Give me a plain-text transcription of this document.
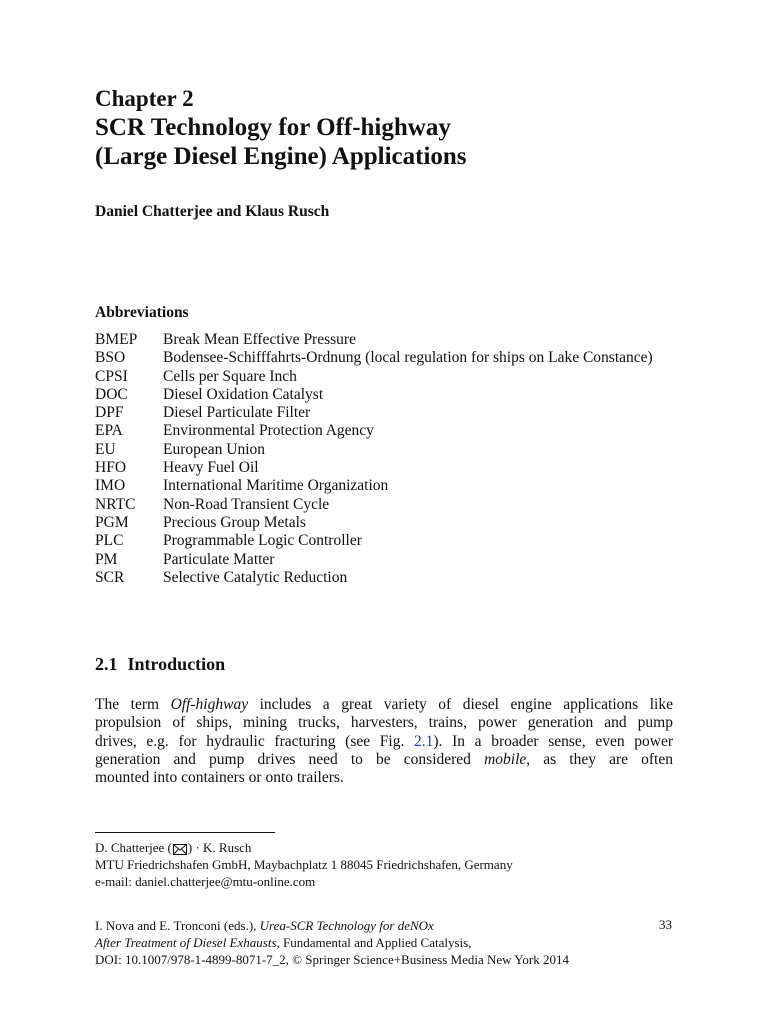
Chapter 2
SCR Technology for Off-highway
(Large Diesel Engine) Applications
Daniel Chatterjee and Klaus Rusch
Abbreviations
BMEP	Break Mean Effective Pressure
BSO	Bodensee-Schifffahrts-Ordnung (local regulation for ships on Lake Constance)
CPSI	Cells per Square Inch
DOC	Diesel Oxidation Catalyst
DPF	Diesel Particulate Filter
EPA	Environmental Protection Agency
EU	European Union
HFO	Heavy Fuel Oil
IMO	International Maritime Organization
NRTC	Non-Road Transient Cycle
PGM	Precious Group Metals
PLC	Programmable Logic Controller
PM	Particulate Matter
SCR	Selective Catalytic Reduction
2.1 Introduction
The term Off-highway includes a great variety of diesel engine applications like
propulsion of ships, mining trucks, harvesters, trains, power generation and pump
drives, e.g. for hydraulic fracturing (see Fig. 2.1). In a broader sense, even power
generation and pump drives need to be considered mobile, as they are often
mounted into containers or onto trailers.
D. Chatterjee ( ) · K. Rusch
MTU Friedrichshafen GmbH, Maybachplatz 1 88045 Friedrichshafen, Germany
e-mail: daniel.chatterjee@mtu-online.com
I. Nova and E. Tronconi (eds.), Urea-SCR Technology for deNOx
After Treatment of Diesel Exhausts, Fundamental and Applied Catalysis,
DOI: 10.1007/978-1-4899-8071-7_2, © Springer Science+Business Media New York 2014
33
